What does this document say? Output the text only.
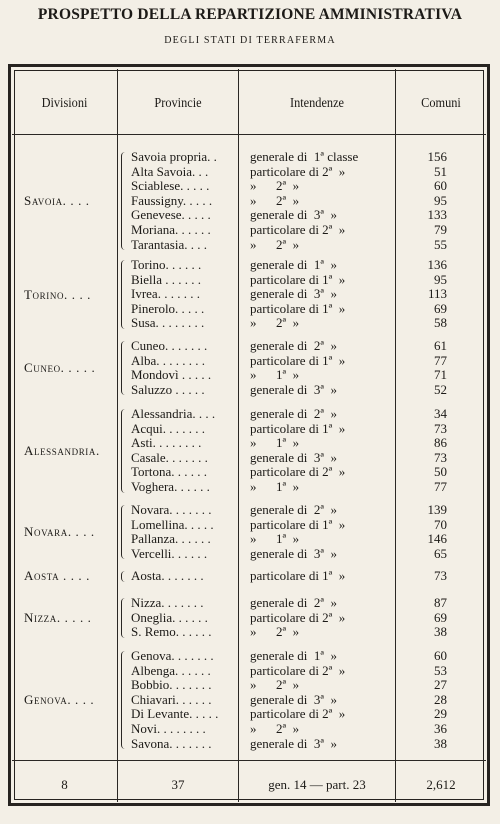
PROSPETTO DELLA REPARTIZIONE AMMINISTRATIVA
DEGLI STATI DI TERRAFERMA
Divisioni	Provincie	Intendenze	Comuni
Savoia. . . .
Savoia propria. .	generale di  1ª classe	156
Alta Savoia. . .	particolare di 2ª  »	51
Sciablese. . . . .	»      2ª  »	60
Faussigny. . . . .	»      2ª  »	95
Genevese. . . . .	generale di  3ª  »	133
Moriana. . . . . .	particolare di 2ª  »	79
Tarantasia. . . .	»      2ª  »	55
Torino. . . .
Torino. . . . . .	generale di  1ª  »	136
Biella . . . . . .	particolare di 1ª  »	95
Ivrea. . . . . . .	generale di  3ª  »	113
Pinerolo. . . . .	particolare di 1ª  »	69
Susa. . . . . . . .	»      2ª  »	58
Cuneo. . . . .
Cuneo. . . . . . .	generale di  2ª  »	61
Alba. . . . . . . .	particolare di 1ª  »	77
Mondovì . . . . .	»      1ª  »	71
Saluzzo . . . . .	generale di  3ª  »	52
Alessandria.
Alessandria. . . .	generale di  2ª  »	34
Acqui. . . . . . .	particolare di 1ª  »	73
Asti. . . . . . . .	»      1ª  »	86
Casale. . . . . . .	generale di  3ª  »	73
Tortona. . . . . .	particolare di 2ª  »	50
Voghera. . . . . .	»      1ª  »	77
Novara. . . .
Novara. . . . . . .	generale di  2ª  »	139
Lomellina. . . . .	particolare di 1ª  »	70
Pallanza. . . . . .	»      1ª  »	146
Vercelli. . . . . .	generale di  3ª  »	65
Aosta . . . .	Aosta. . . . . . .	particolare di 1ª  »	73
Nizza. . . . .
Nizza. . . . . . .	generale di  2ª  »	87
Oneglia. . . . . .	particolare di 2ª  »	69
S. Remo. . . . . .	»      2ª  »	38
Genova. . . .
Genova. . . . . . .	generale di  1ª  »	60
Albenga. . . . . .	particolare di 2ª  »	53
Bobbio. . . . . . .	»      2ª  »	27
Chiavari. . . . . .	generale di  3ª  »	28
Di Levante. . . . . particolare di 2ª  »	29
Novi. . . . . . . .	»      2ª  »	36
Savona. . . . . . .	generale di  3ª  »	38
8	37	gen. 14 — part. 23	2,612
